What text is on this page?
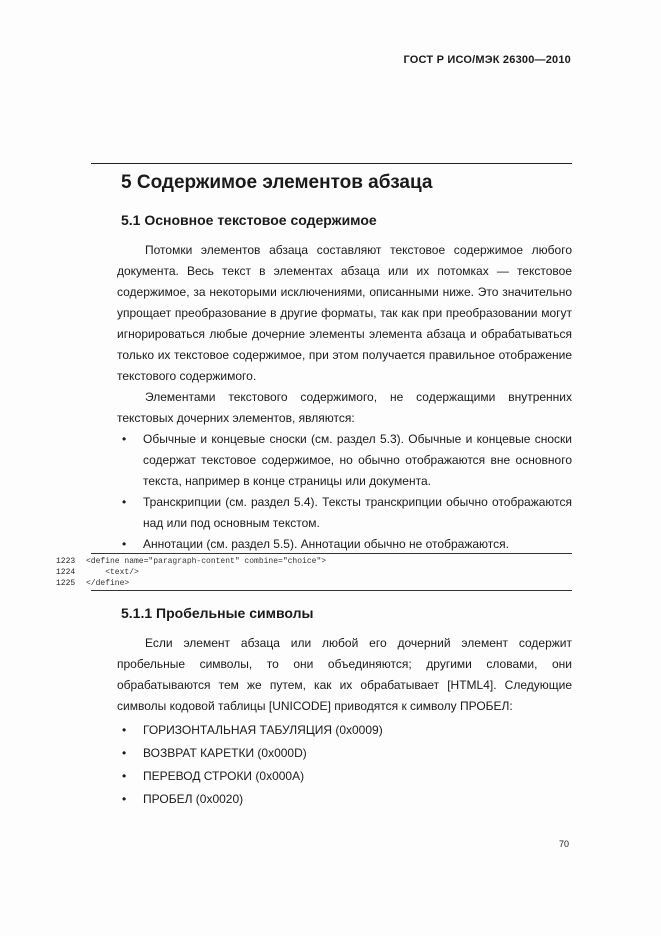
ГОСТ Р ИСО/МЭК 26300—2010
5 Содержимое элементов абзаца
5.1 Основное текстовое содержимое

Потомки элементов абзаца составляют текстовое содержимое любого документа. Весь текст в элементах абзаца или их потомках — текстовое содержимое, за некоторыми исключениями, описанными ниже. Это значительно упрощает преобразование в другие форматы, так как при преобразовании могут игнорироваться любые дочерние элементы элемента абзаца и обрабатываться только их текстовое содержимое, при этом получается правильное отображение текстового содержимого.

Элементами текстового содержимого, не содержащими внутренних текстовых дочерних элементов, являются:

• Обычные и концевые сноски (см. раздел 5.3). Обычные и концевые сноски содержат текстовое содержимое, но обычно отображаются вне основного текста, например в конце страницы или документа.
• Транскрипции (см. раздел 5.4). Тексты транскрипции обычно отображаются над или под основным текстом.
• Аннотации (см. раздел 5.5). Аннотации обычно не отображаются.
1223 <define name="paragraph-content" combine="choice">
1224    <text/>
1225 </define>
5.1.1 Пробельные символы

Если элемент абзаца или любой его дочерний элемент содержит пробельные символы, то они объединяются; другими словами, они обрабатываются тем же путем, как их обрабатывает [HTML4]. Следующие символы кодовой таблицы [UNICODE] приводятся к символу ПРОБЕЛ:

• ГОРИЗОНТАЛЬНАЯ ТАБУЛЯЦИЯ (0x0009)
• ВОЗВРАТ КАРЕТКИ (0x000D)
• ПЕРЕВОД СТРОКИ (0x000A)
• ПРОБЕЛ (0x0020)
70
